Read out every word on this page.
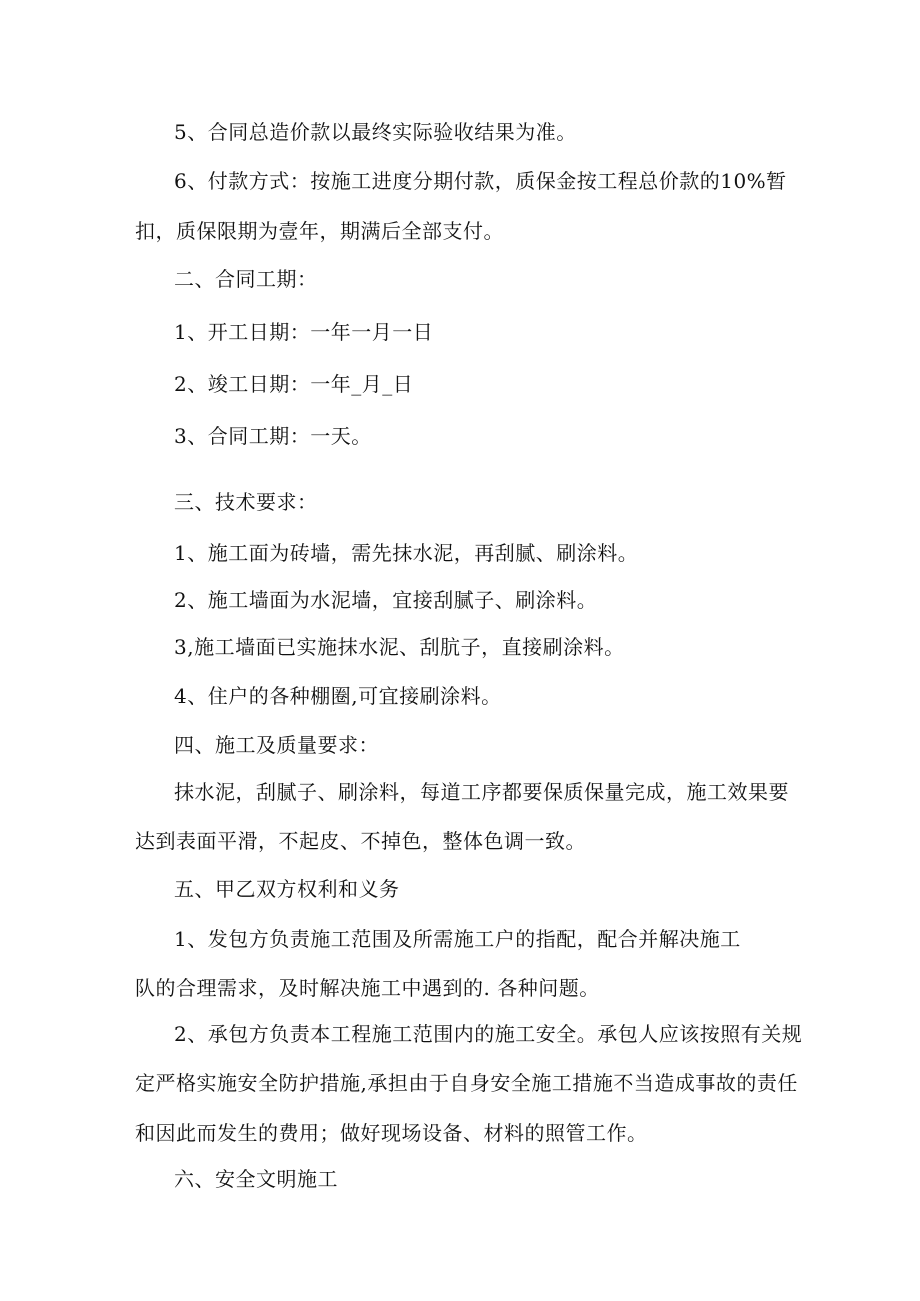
5、合同总造价款以最终实际验收结果为准。
6、付款方式：按施工进度分期付款，质保金按工程总价款的10%暂
扣，质保限期为壹年，期满后全部支付。
二、合同工期：
1、开工日期：一年一月一日
2、竣工日期：一年_月_日
3、合同工期：一天。
三、技术要求：
1、施工面为砖墙，需先抹水泥，再刮腻、刷涂料。
2、施工墙面为水泥墙，宜接刮腻子、刷涂料。
3,施工墙面已实施抹水泥、刮肮子，直接刷涂料。
4、住户的各种棚圈,可宜接刷涂料。
四、施工及质量要求：
抹水泥，刮腻子、刷涂料，每道工序都要保质保量完成，施工效果要
达到表面平滑，不起皮、不掉色，整体色调一致。
五、甲乙双方权利和义务
1、发包方负责施工范围及所需施工户的指配，配合并解决施工
队的合理需求，及时解决施工中遇到的. 各种问题。
2、承包方负责本工程施工范围内的施工安全。承包人应该按照有关规
定严格实施安全防护措施,承担由于自身安全施工措施不当造成事故的责任
和因此而发生的费用；做好现场设备、材料的照管工作。
六、安全文明施工
